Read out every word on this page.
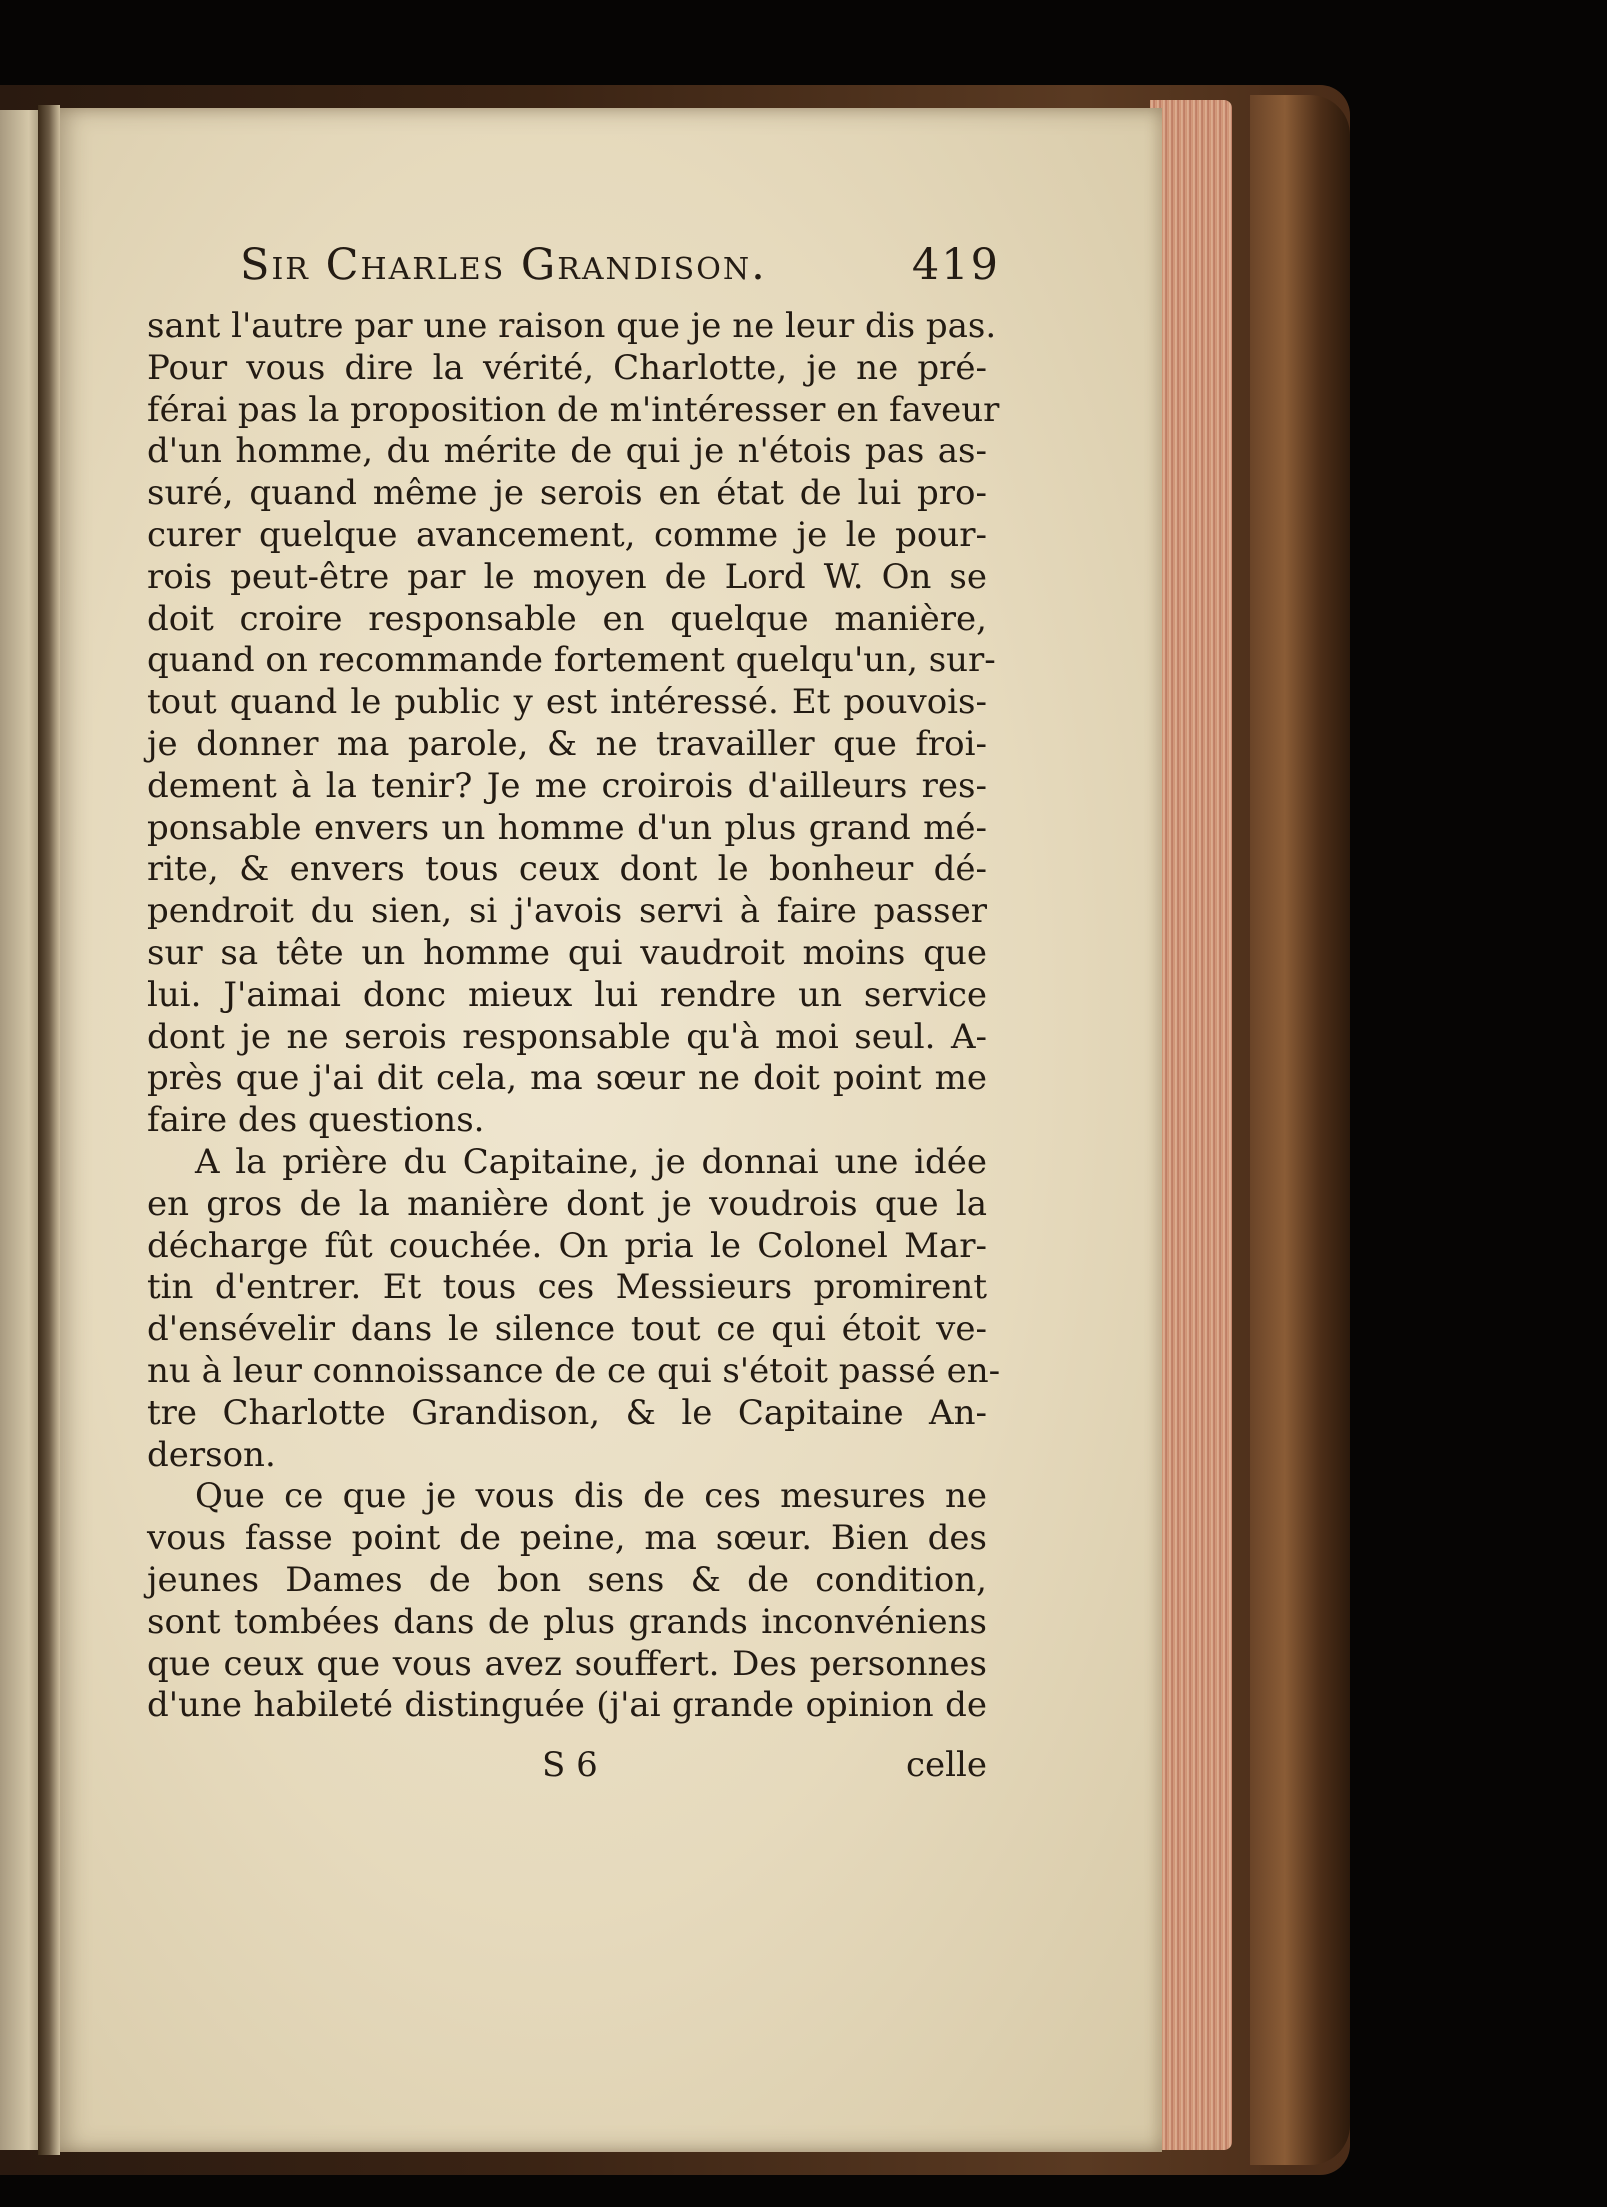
Sir Charles Grandison.	419
sant l'autre par une raison que je ne leur dis pas.
Pour vous dire la vérité, Charlotte, je ne pré-
férai pas la proposition de m'intéresser en faveur
d'un homme, du mérite de qui je n'étois pas as-
suré, quand même je serois en état de lui pro-
curer quelque avancement, comme je le pour-
rois peut-être par le moyen de Lord W. On se
doit croire responsable en quelque manière,
quand on recommande fortement quelqu'un, sur-
tout quand le public y est intéressé. Et pouvois-
je donner ma parole, & ne travailler que froi-
dement à la tenir? Je me croirois d'ailleurs res-
ponsable envers un homme d'un plus grand mé-
rite, & envers tous ceux dont le bonheur dé-
pendroit du sien, si j'avois servi à faire passer
sur sa tête un homme qui vaudroit moins que
lui. J'aimai donc mieux lui rendre un service
dont je ne serois responsable qu'à moi seul. A-
près que j'ai dit cela, ma sœur ne doit point me
faire des questions.
A la prière du Capitaine, je donnai une idée
en gros de la manière dont je voudrois que la
décharge fût couchée. On pria le Colonel Mar-
tin d'entrer. Et tous ces Messieurs promirent
d'ensévelir dans le silence tout ce qui étoit ve-
nu à leur connoissance de ce qui s'étoit passé en-
tre Charlotte Grandison, & le Capitaine An-
derson.
Que ce que je vous dis de ces mesures ne
vous fasse point de peine, ma sœur. Bien des
jeunes Dames de bon sens & de condition,
sont tombées dans de plus grands inconvéniens
que ceux que vous avez souffert. Des personnes
d'une habileté distinguée (j'ai grande opinion de
S 6	celle
